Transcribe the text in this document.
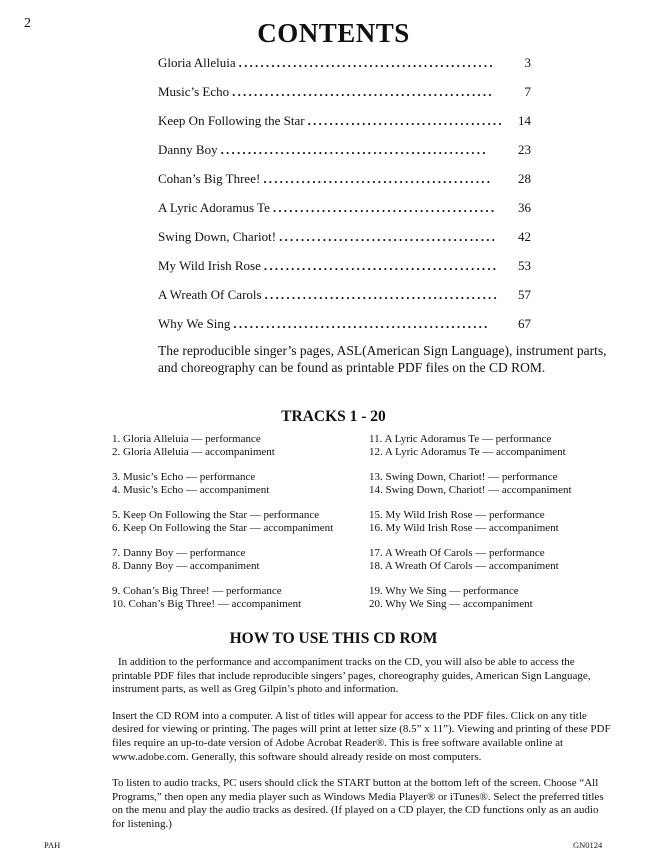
2	CONTENTS
Gloria Alleluia ...............................................	3
Music’s Echo ................................................	7
Keep On Following the Star ....................................	14
Danny Boy .................................................	23
Cohan’s Big Three! ..........................................	28
A Lyric Adoramus Te .........................................	36
Swing Down, Chariot! ........................................	42
My Wild Irish Rose ...........................................	53
A Wreath Of Carols ...........................................	57
Why We Sing ...............................................	67
The reproducible singer’s pages, ASL(American Sign Language), instrument parts, and choreography can be found as printable PDF files on the CD ROM.
TRACKS 1 - 20
1. Gloria Alleluia — performance
2. Gloria Alleluia — accompaniment
3. Music’s Echo — performance
4. Music’s Echo — accompaniment
5. Keep On Following the Star — performance
6. Keep On Following the Star — accompaniment
7. Danny Boy — performance
8. Danny Boy — accompaniment
9. Cohan’s Big Three! — performance
10. Cohan’s Big Three! — accompaniment
11. A Lyric Adoramus Te — performance
12. A Lyric Adoramus Te — accompaniment
13. Swing Down, Chariot! — performance
14. Swing Down, Chariot! — accompaniment
15. My Wild Irish Rose — performance
16. My Wild Irish Rose — accompaniment
17. A Wreath Of Carols — performance
18. A Wreath Of Carols — accompaniment
19. Why We Sing — performance
20. Why We Sing — accompaniment
HOW TO USE THIS CD ROM

In addition to the performance and accompaniment tracks on the CD, you will also be able to access the printable PDF files that include reproducible singers’ pages, choreography guides, American Sign Language, instrument parts, as well as Greg Gilpin’s photo and information.

Insert the CD ROM into a computer. A list of titles will appear for access to the PDF files. Click on any title desired for viewing or printing. The pages will print at letter size (8.5” x 11”). Viewing and printing of these PDF files require an up-to-date version of Adobe Acrobat Reader®. This is free software available online at www.adobe.com. Generally, this software should already reside on most computers.

To listen to audio tracks, PC users should click the START button at the bottom left of the screen. Choose “All Programs,” then open any media player such as Windows Media Player® or iTunes®. Select the preferred titles on the menu and play the audio tracks as desired. (If played on a CD player, the CD functions only as an audio for listening.)

PAH	GN0124
